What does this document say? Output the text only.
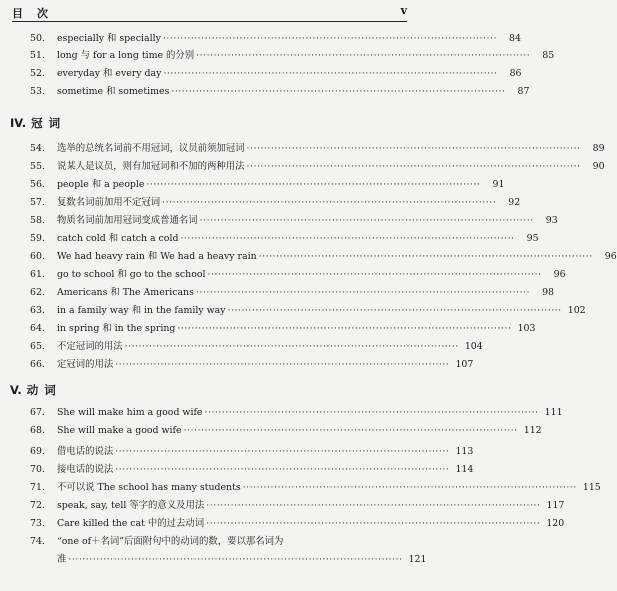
目次	v
50.	especially 和 specially ································································································	84
51.	long 与 for a long time 的分别 ································································································	85
52.	everyday 和 every day ································································································	86
53.	sometime 和 sometimes ································································································	87
IV. 冠词
54.	选举的总统名词前不用冠词，议员前须加冠词 ································································································	89
55.	说某人是议员，则有加冠词和不加的两种用法 ································································································	90
56.	people 和 a people ································································································	91
57.	复数名词前加用不定冠词 ································································································	92
58.	物质名词前加用冠词变成普通名词 ································································································	93
59.	catch cold 和 catch a cold ································································································	95
60.	We had heavy rain 和 We had a heavy rain ································································································	96
61.	go to school 和 go to the school ································································································	96
62.	Americans 和 The Americans ································································································	98
63.	in a family way 和 in the family way ································································································ 102
64.	in spring 和 in the spring ································································································ 103
65.	不定冠词的用法 ································································································ 104
66.	定冠词的用法 ································································································ 107
V. 动词
67.	She will make him a good wife ································································································ 111
68.	She will make a good wife ································································································ 112
69.	借电话的说法 ································································································ 113
70.	接电话的说法 ································································································ 114
71.	不可以说 The school has many students ································································································ 115
72.	speak, say, tell 等字的意义及用法 ································································································ 117
73.	Care killed the cat 中的过去动词 ································································································ 120
74.	“one of＋名词”后面附句中的动词的数，要以那名词为
准 ································································································ 121
